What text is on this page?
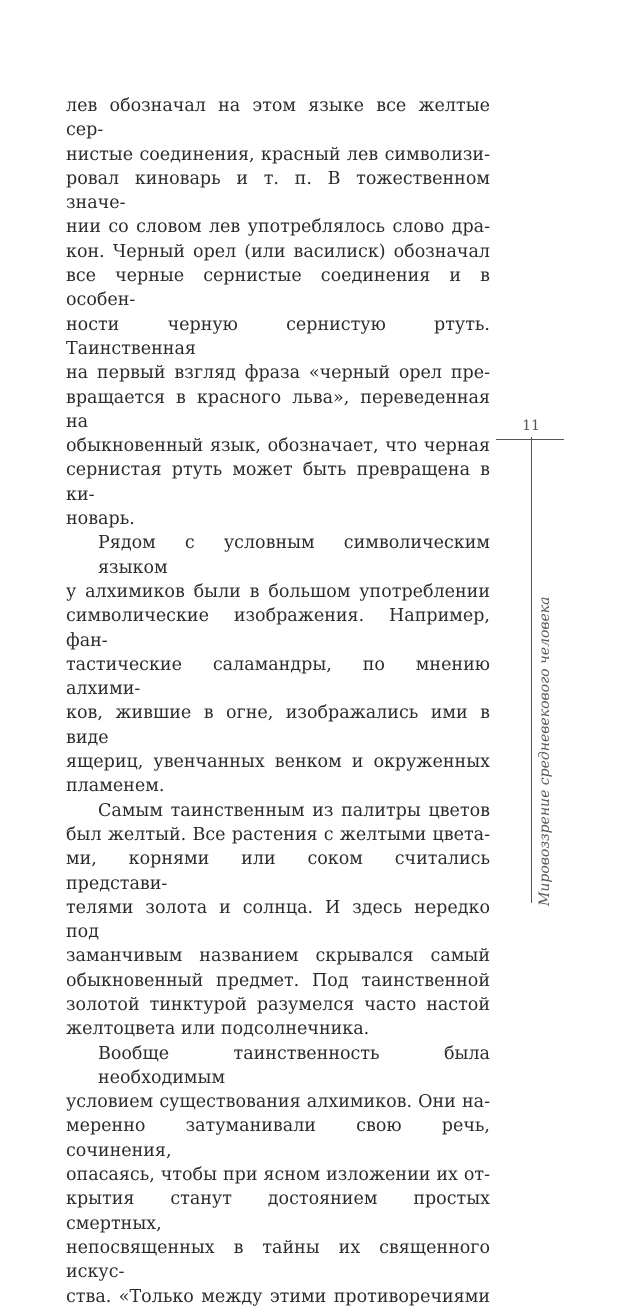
лев обозначал на этом языке все желтые сер-

нистые соединения, красный лев символизи-

ровал киноварь и т. п. В тожественном значе-

нии со словом лев употреблялось слово дра-

кон. Черный орел (или василиск) обозначал

все черные сернистые соединения и в особен-

ности черную сернистую ртуть. Таинственная

на первый взгляд фраза «черный орел пре-

вращается в красного льва», переведенная на

обыкновенный язык, обозначает, что черная

сернистая ртуть может быть превращена в ки-

новарь.

Рядом с условным символическим языком

у алхимиков были в большом употреблении

символические изображения. Например, фан-

тастические саламандры, по мнению алхими-

ков, жившие в огне, изображались ими в виде

ящериц, увенчанных венком и окруженных

пламенем.

Самым таинственным из палитры цветов

был желтый. Все растения с желтыми цвета-

ми, корнями или соком считались представи-

телями золота и солнца. И здесь нередко под

заманчивым названием скрывался самый

обыкновенный предмет. Под таинственной

золотой тинктурой разумелся часто настой

желтоцвета или подсолнечника.

Вообще таинственность была необходимым

условием существования алхимиков. Они на-

меренно затуманивали свою речь, сочинения,

опасаясь, чтобы при ясном изложении их от-

крытия станут достоянием простых смертных,

непосвященных в тайны их священного искус-

ства. «Только между этими противоречиями

11
Мировоззрение средневекового человека
